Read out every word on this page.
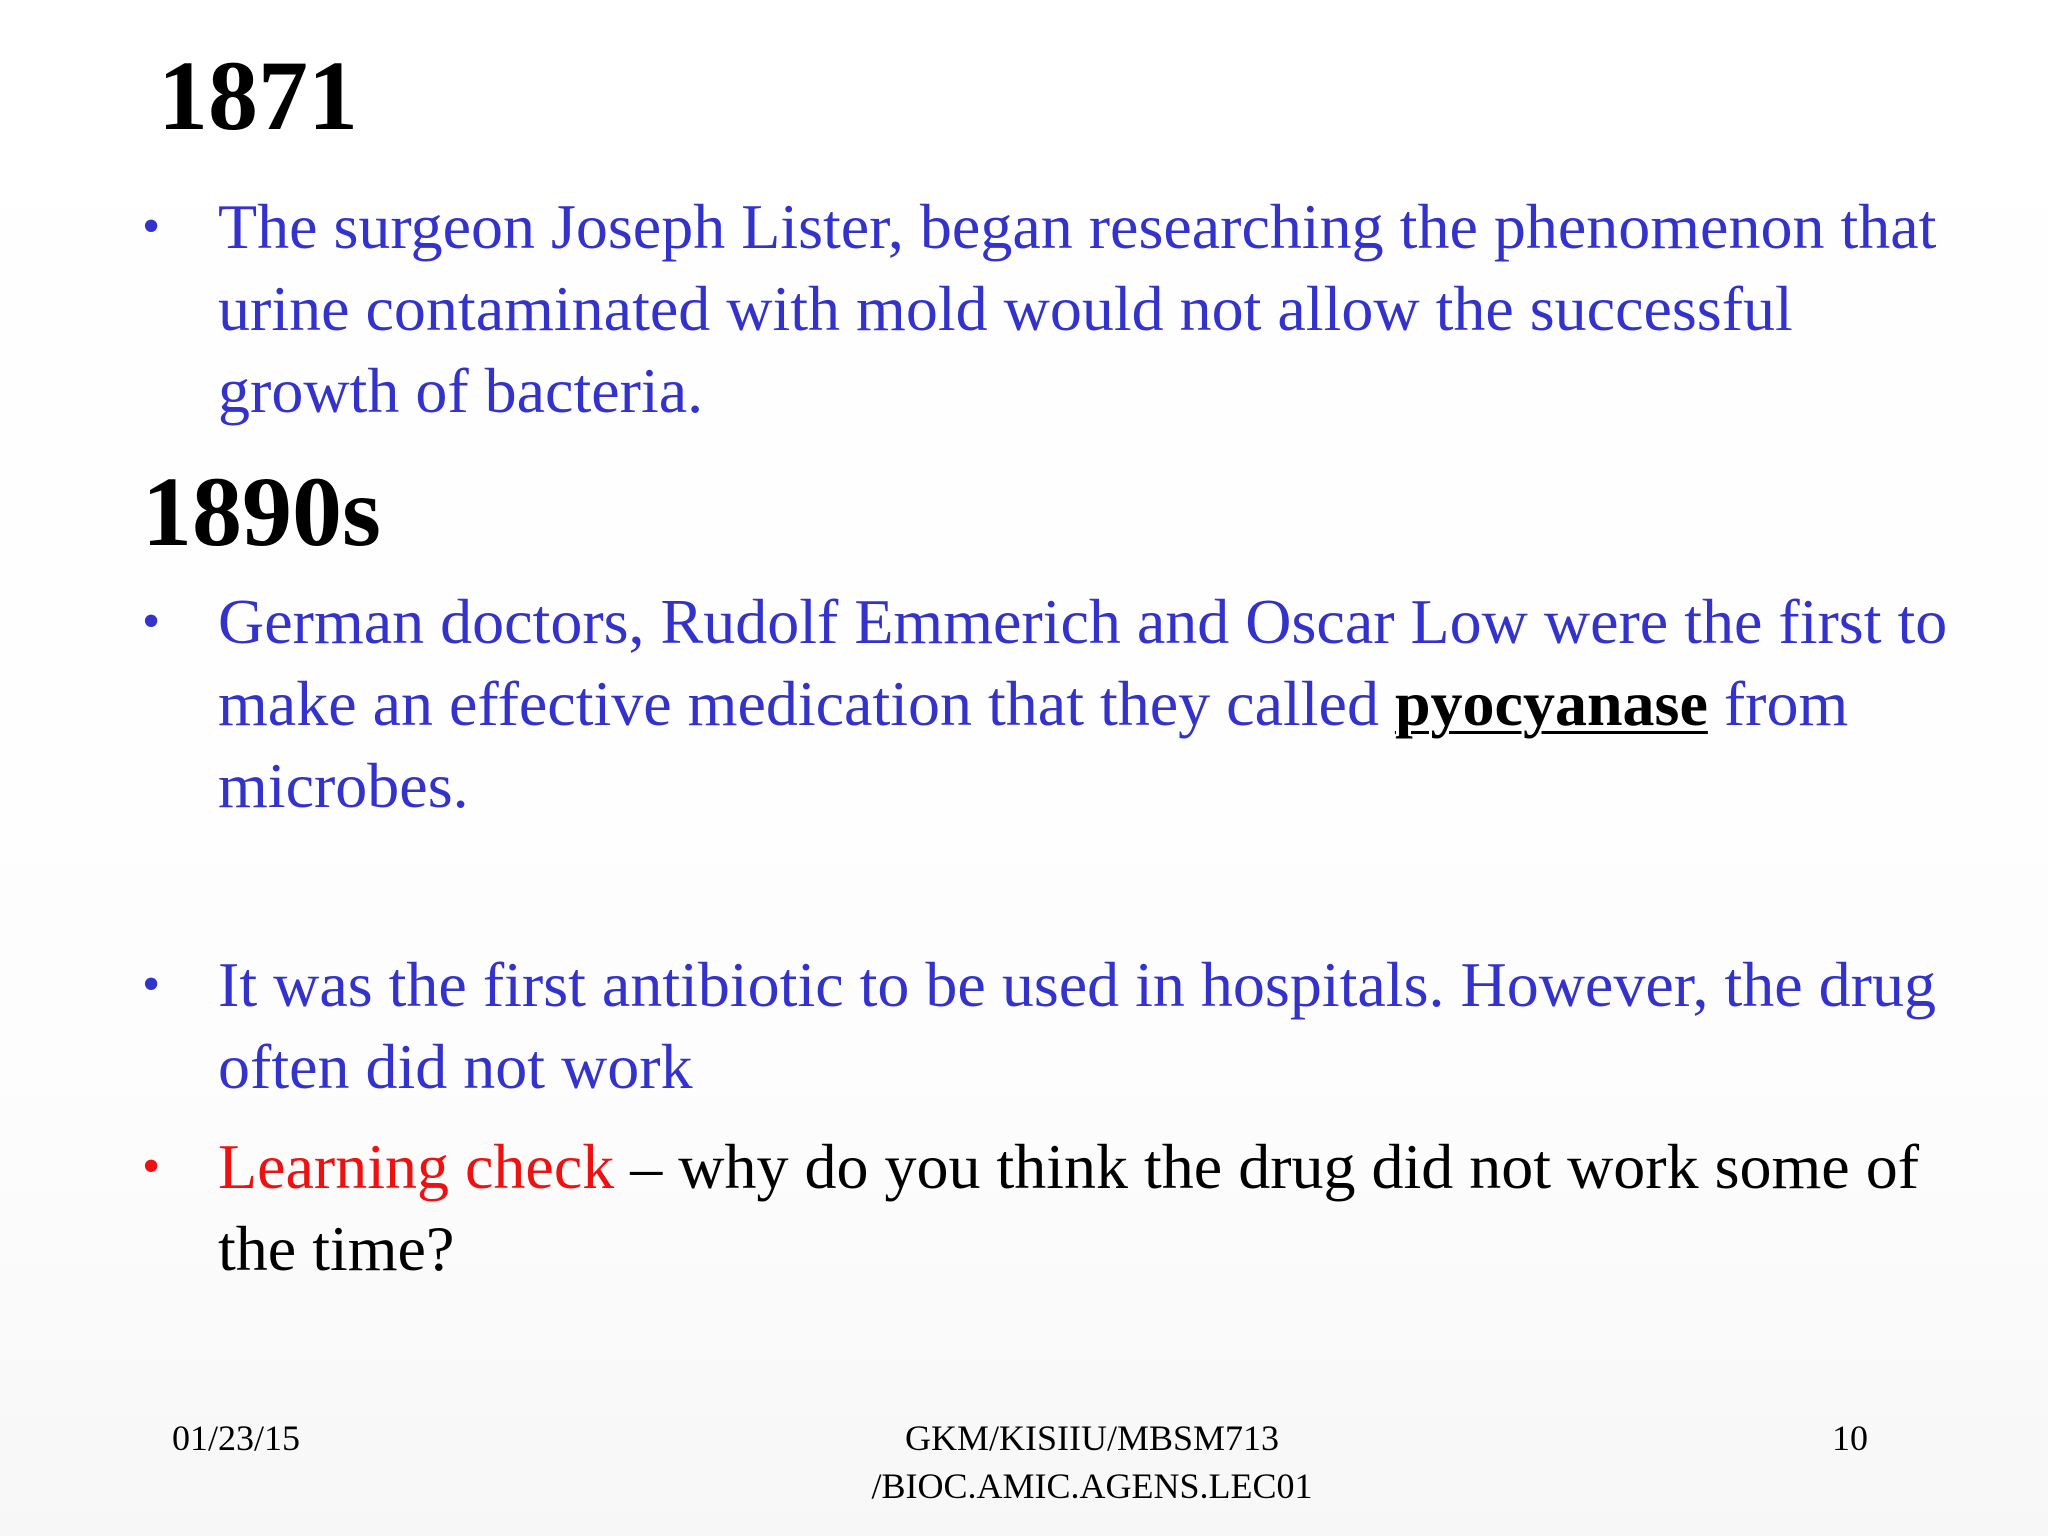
1871
• The surgeon Joseph Lister, began researching the phenomenon that urine contaminated with mold would not allow the successful growth of bacteria.
1890s
• German doctors, Rudolf Emmerich and Oscar Low were the first to make an effective medication that they called pyocyanase from microbes.
• It was the first antibiotic to be used in hospitals. However, the drug often did not work
• Learning check – why do you think the drug did not work some of the time?
01/23/15	GKM/KISIIU/MBSM713
/BIOC.AMIC.AGENS.LEC01
10
